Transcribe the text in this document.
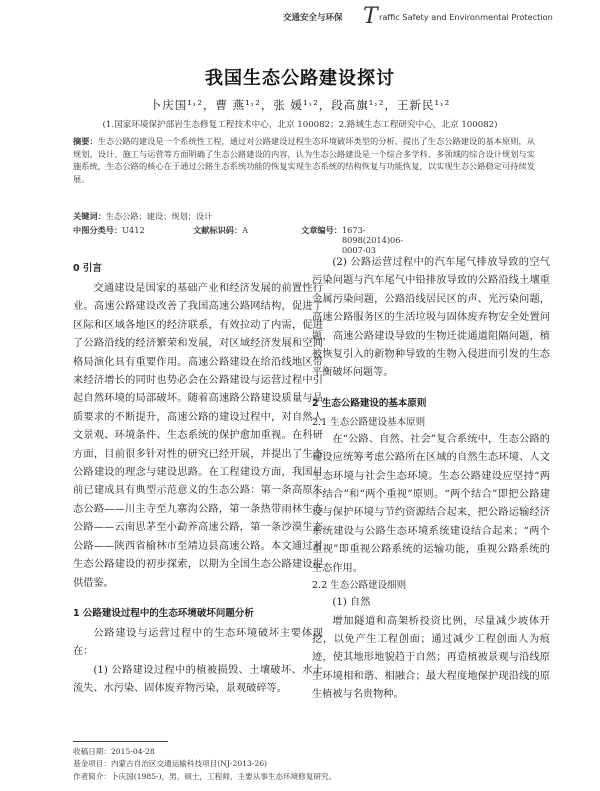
交通安全与环保 T raffic Safety and Environmental Protection
我国生态公路建设探讨
卜庆国¹˒²，曹 燕¹˒²，张 媛¹˒²，段高旗¹˒²，王新民¹˒²
(1.国家环境保护部岩生态修复工程技术中心，北京 100082；2.路域生态工程研究中心，北京 100082)
摘要：生态公路的建设是一个系统性工程，通过对公路建设过程生态环境破坏类型的分析，提出了生态公路建设的基本原则，从规划、设计、施工与运营等方面明确了生态公路建设的内容，认为生态公路建设是一个综合多学科、多领域的综合设计规划与实施系统，生态公路的核心在于通过公路生态系统功能的恢复实现生态系统的结构恢复与功能恢复，以实现生态公路稳定可持续发展。
关键词：生态公路；建设；规划；设计
中图分类号： U412	文献标识码： A	文章编号： 1673-8098(2014)06-0007-03
0 引言

交通建设是国家的基础产业和经济发展的前置性行业。高速公路建设改善了我国高速公路网结构，促进了区际和区域各地区的经济联系，有效拉动了内需，促进了公路沿线的经济繁荣和发展，对区域经济发展和空间格局演化具有重要作用。高速公路建设在给沿线地区带来经济增长的同时也势必会在公路建设与运营过程中引起自然环境的局部破坏。随着高速路公路建设质量与品质要求的不断提升，高速公路的建设过程中，对自然人文景观、环境条件、生态系统的保护愈加重视。在科研方面，目前很多针对性的研究已经开展，并提出了生态公路建设的理念与建设思路。在工程建设方面，我国目前已建成具有典型示范意义的生态公路：第一条高原生态公路——川主寺至九寨沟公路，第一条热带雨林生态公路——云南思茅至小勐养高速公路，第一条沙漠生态公路——陕西省榆林市至靖边县高速公路。本文通过对生态公路建设的初步探索，以期为全国生态公路建设提供借鉴。

1 公路建设过程中的生态环境破坏问题分析

公路建设与运营过程中的生态环境破坏主要体现在：

(1) 公路建设过程中的植被损毁、土壤破坏、水土流失、水污染、固体废弃物污染，景观破碎等。

(2) 公路运营过程中的汽车尾气排放导致的空气污染问题与汽车尾气中铅排放导致的公路沿线土壤重金属污染问题，公路沿线居民区的声、光污染问题，高速公路服务区的生活垃圾与固体废弃物安全处置问题，高速公路建设导致的生物迁徙通道阻隔问题，植被恢复引入的新物种导致的生物入侵进而引发的生态平衡破坏问题等。

2 生态公路建设的基本原则
2.1 生态公路建设基本原则

在“公路、自然、社会”复合系统中，生态公路的建设应统筹考虑公路所在区域的自然生态环境、人文生态环境与社会生态环境。生态公路建设应坚持“两个结合”和“两个重视”原则。“两个结合”即把公路建设与保护环境与节约资源结合起来，把公路运输经济系统建设与公路生态环境系统建设结合起来；“两个重视”即重视公路系统的运输功能，重视公路系统的生态作用。

2.2 生态公路建设细则

(1) 自然

增加隧道和高架桥投资比例，尽量减少坡体开挖，以免产生工程创面；通过减少工程创面人为痕迹，使其地形地貌趋于自然；再造植被景观与沿线原生环境相和谐、相融合；最大程度地保护现沿线的原生植被与名贵物种。

收稿日期：2015-04-28
基金项目：内蒙古自治区交通运输科技项目(NJ-2013-26)
作者简介：卜庆国(1985-)，男，硕士，工程师，主要从事生态环境修复研究。
